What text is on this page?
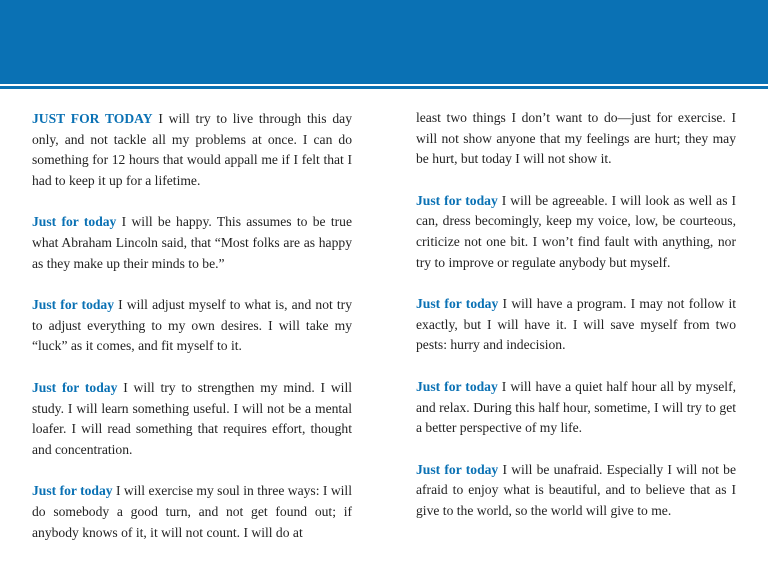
JUST FOR TODAY I will try to live through this day only, and not tackle all my problems at once. I can do something for 12 hours that would appall me if I felt that I had to keep it up for a lifetime.

Just for today I will be happy. This assumes to be true what Abraham Lincoln said, that “Most folks are as happy as they make up their minds to be.”

Just for today I will adjust myself to what is, and not try to adjust everything to my own desires. I will take my “luck” as it comes, and fit myself to it.

Just for today I will try to strengthen my mind. I will study. I will learn something useful. I will not be a mental loafer. I will read something that requires effort, thought and concentration.

Just for today I will exercise my soul in three ways: I will do somebody a good turn, and not get found out; if anybody knows of it, it will not count. I will do at

least two things I don’t want to do—just for exercise. I will not show anyone that my feelings are hurt; they may be hurt, but today I will not show it.

Just for today I will be agreeable. I will look as well as I can, dress becomingly, keep my voice, low, be courteous, criticize not one bit. I won’t find fault with anything, nor try to improve or regulate anybody but myself.

Just for today I will have a program. I may not follow it exactly, but I will have it. I will save myself from two pests: hurry and indecision.

Just for today I will have a quiet half hour all by myself, and relax. During this half hour, sometime, I will try to get a better perspective of my life.

Just for today I will be unafraid. Especially I will not be afraid to enjoy what is beautiful, and to believe that as I give to the world, so the world will give to me.
